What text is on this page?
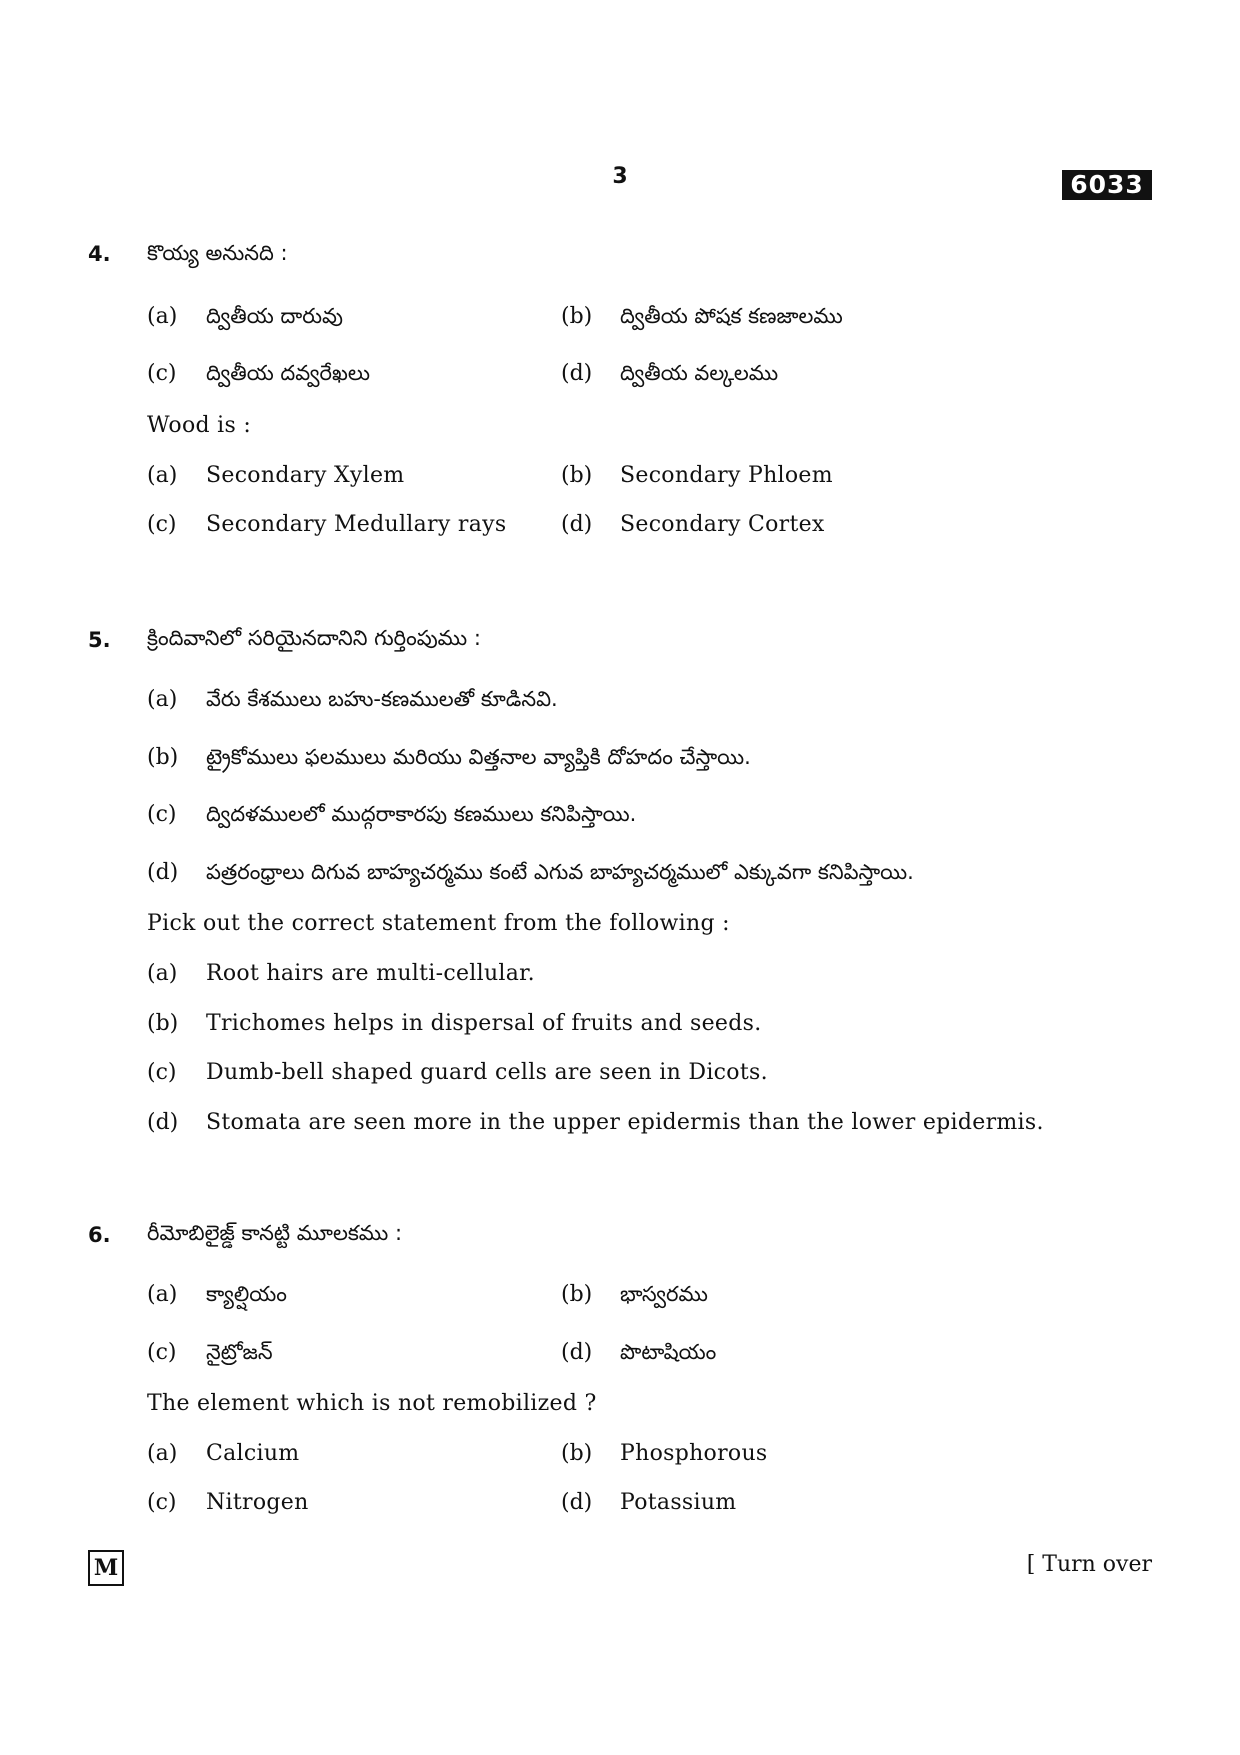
3	6033
4. కొయ్య అనునది :
(a) ద్వితీయ దారువు	(b) ద్వితీయ పోషక కణజాలము
(c) ద్వితీయ దవ్వరేఖలు	(d) ద్వితీయ వల్కలము
Wood is :
(a) Secondary Xylem	(b) Secondary Phloem
(c) Secondary Medullary rays (d) Secondary Cortex
5. క్రిందివానిలో సరియైనదానిని గుర్తింపుము :
(a) వేరు కేశములు బహు-కణములతో కూడినవి.
(b) ట్రైకోములు ఫలములు మరియు విత్తనాల వ్యాప్తికి దోహదం చేస్తాయి.
(c) ద్విదళములలో ముద్గరాకారపు కణములు కనిపిస్తాయి.
(d) పత్రరంధ్రాలు దిగువ బాహ్యచర్మము కంటే ఎగువ బాహ్యచర్మములో ఎక్కువగా కనిపిస్తాయి.
Pick out the correct statement from the following :
(a) Root hairs are multi-cellular.
(b) Trichomes helps in dispersal of fruits and seeds.
(c) Dumb-bell shaped guard cells are seen in Dicots.
(d) Stomata are seen more in the upper epidermis than the lower epidermis.
6. రీమోబిలైజ్డ్ కానట్టి మూలకము :
(a) క్యాల్షియం	(b) భాస్వరము
(c) నైట్రోజన్	(d) పొటాషియం
The element which is not remobilized ?
(a) Calcium	(b) Phosphorous
(c) Nitrogen	(d) Potassium
M	[ Turn over
